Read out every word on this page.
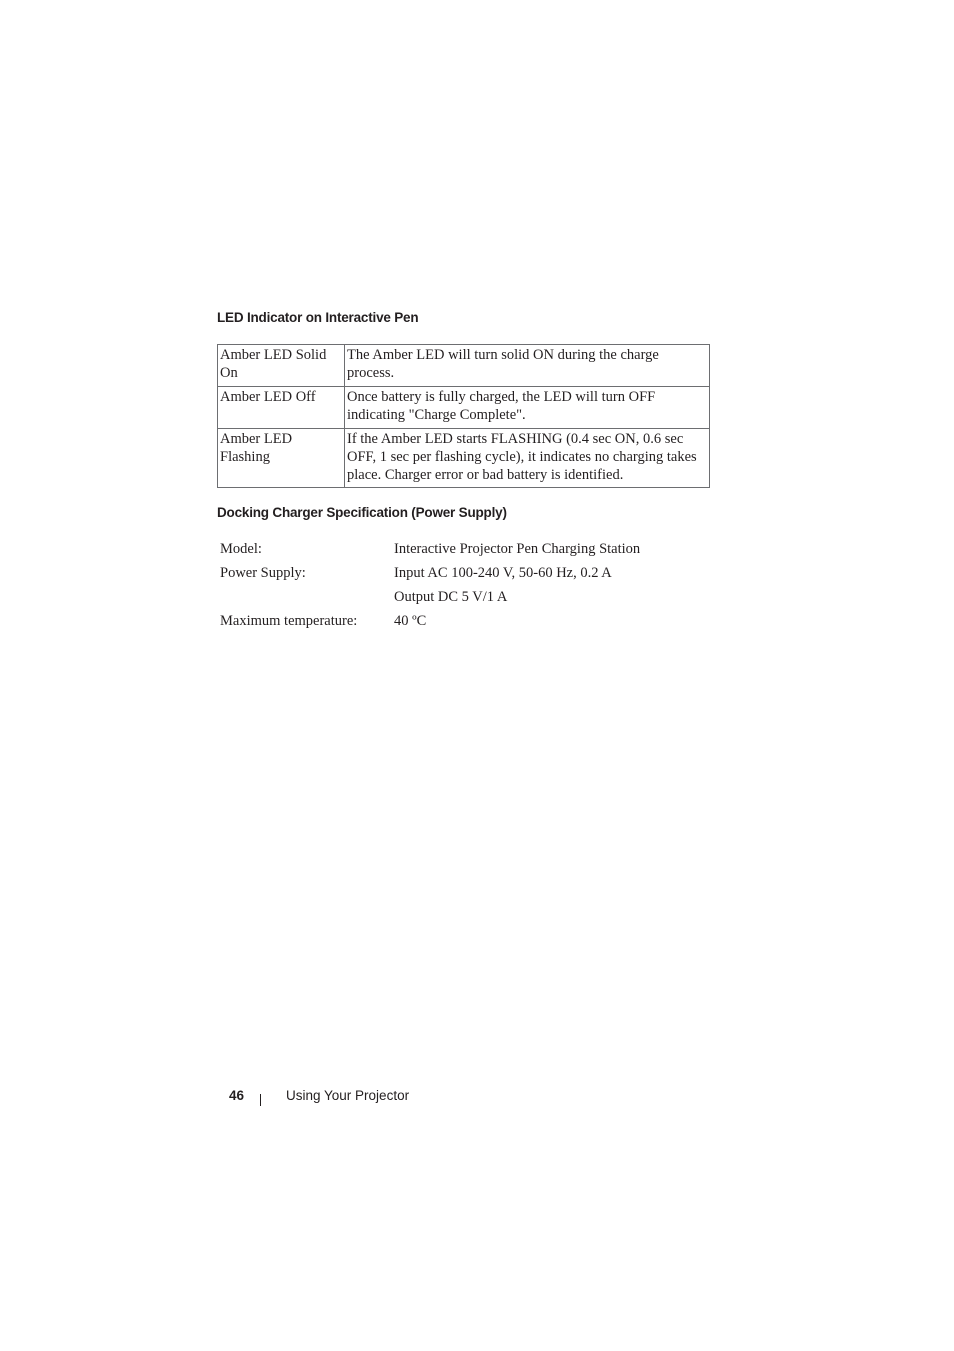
LED Indicator on Interactive Pen
Amber LED Solid On	The Amber LED will turn solid ON during the charge process.
Amber LED Off	Once battery is fully charged, the LED will turn OFF indicating "Charge Complete".
Amber LED Flashing	If the Amber LED starts FLASHING (0.4 sec ON, 0.6 sec OFF, 1 sec per flashing cycle), it indicates no charging takes place. Charger error or bad battery is identified.
Docking Charger Specification (Power Supply)
Model:	Interactive Projector Pen Charging Station
Power Supply:	Input AC 100-240 V, 50-60 Hz, 0.2 A
Output DC 5 V/1 A
Maximum temperature:	40 ºC
46	Using Your Projector
